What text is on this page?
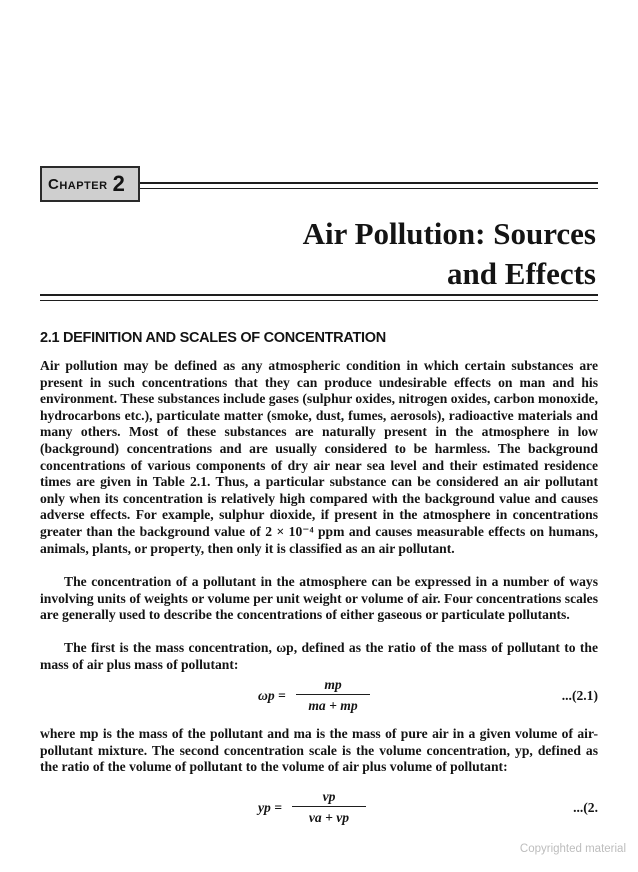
Chapter 2
Air Pollution: Sources
and Effects
2.1 DEFINITION AND SCALES OF CONCENTRATION

Air pollution may be defined as any atmospheric condition in which certain substances are present in such concentrations that they can produce undesirable effects on man and his environment. These substances include gases (sulphur oxides, nitrogen oxides, carbon monoxide, hydrocarbons etc.), particulate matter (smoke, dust, fumes, aerosols), radioactive materials and many others. Most of these substances are naturally present in the atmosphere in low (background) concentrations and are usually considered to be harmless. The background concentrations of various components of dry air near sea level and their estimated residence times are given in Table 2.1. Thus, a particular substance can be considered an air pollutant only when its concentration is relatively high compared with the background value and causes adverse effects. For example, sulphur dioxide, if present in the atmosphere in concentrations greater than the background value of 2 × 10⁻⁴ ppm and causes measurable effects on humans, animals, plants, or property, then only it is classified as an air pollutant.

The concentration of a pollutant in the atmosphere can be expressed in a number of ways involving units of weights or volume per unit weight or volume of air. Four concentrations scales are generally used to describe the concentrations of either gaseous or particulate pollutants.

The first is the mass concentration, ωp, defined as the ratio of the mass of pollutant to the mass of air plus mass of pollutant:

ωp =
mp
ma + mp
...(2.1)

where mp is the mass of the pollutant and ma is the mass of pure air in a given volume of air-pollutant mixture. The second concentration scale is the volume concentration, yp, defined as the ratio of the volume of pollutant to the volume of air plus volume of pollutant:

yp =
vp
va + vp
...(2.
Copyrighted material
